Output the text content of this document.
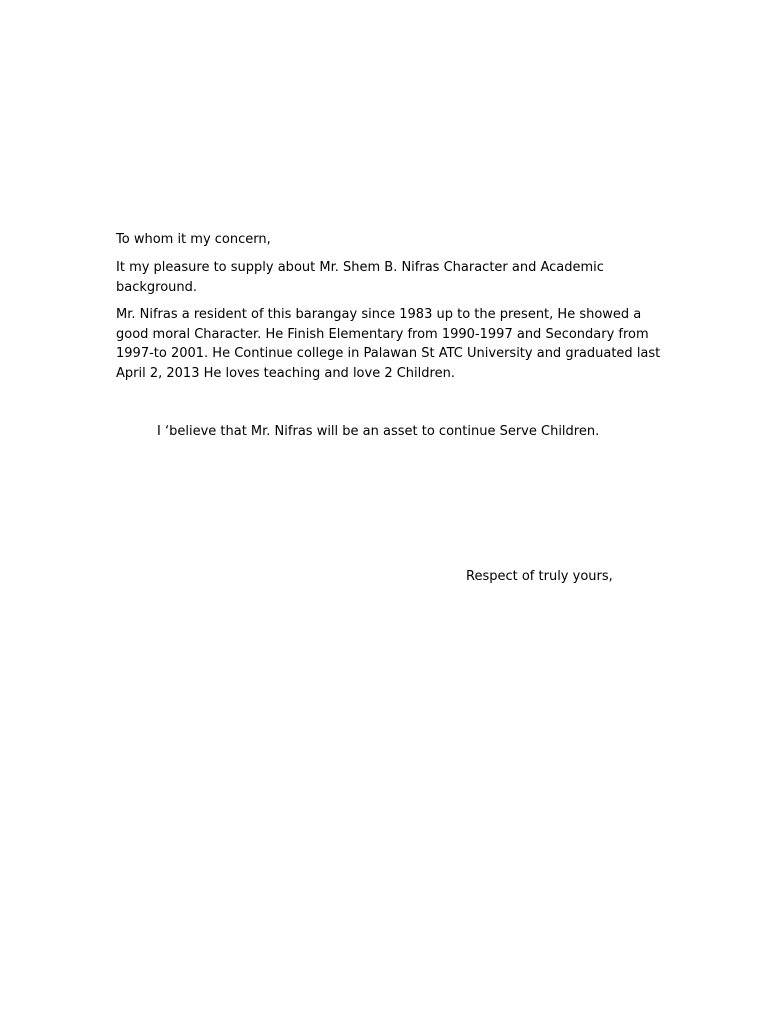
To whom it my concern,
It my pleasure to supply about Mr. Shem B. Nifras Character and Academic
background.
Mr. Nifras a resident of this barangay since 1983 up to the present, He showed a
good moral Character. He Finish Elementary from 1990-1997 and Secondary from
1997-to 2001. He Continue college in Palawan St ATC University and graduated last
April 2, 2013 He loves teaching and love 2 Children.
I ‘believe that Mr. Nifras will be an asset to continue Serve Children.
Respect of truly yours,
